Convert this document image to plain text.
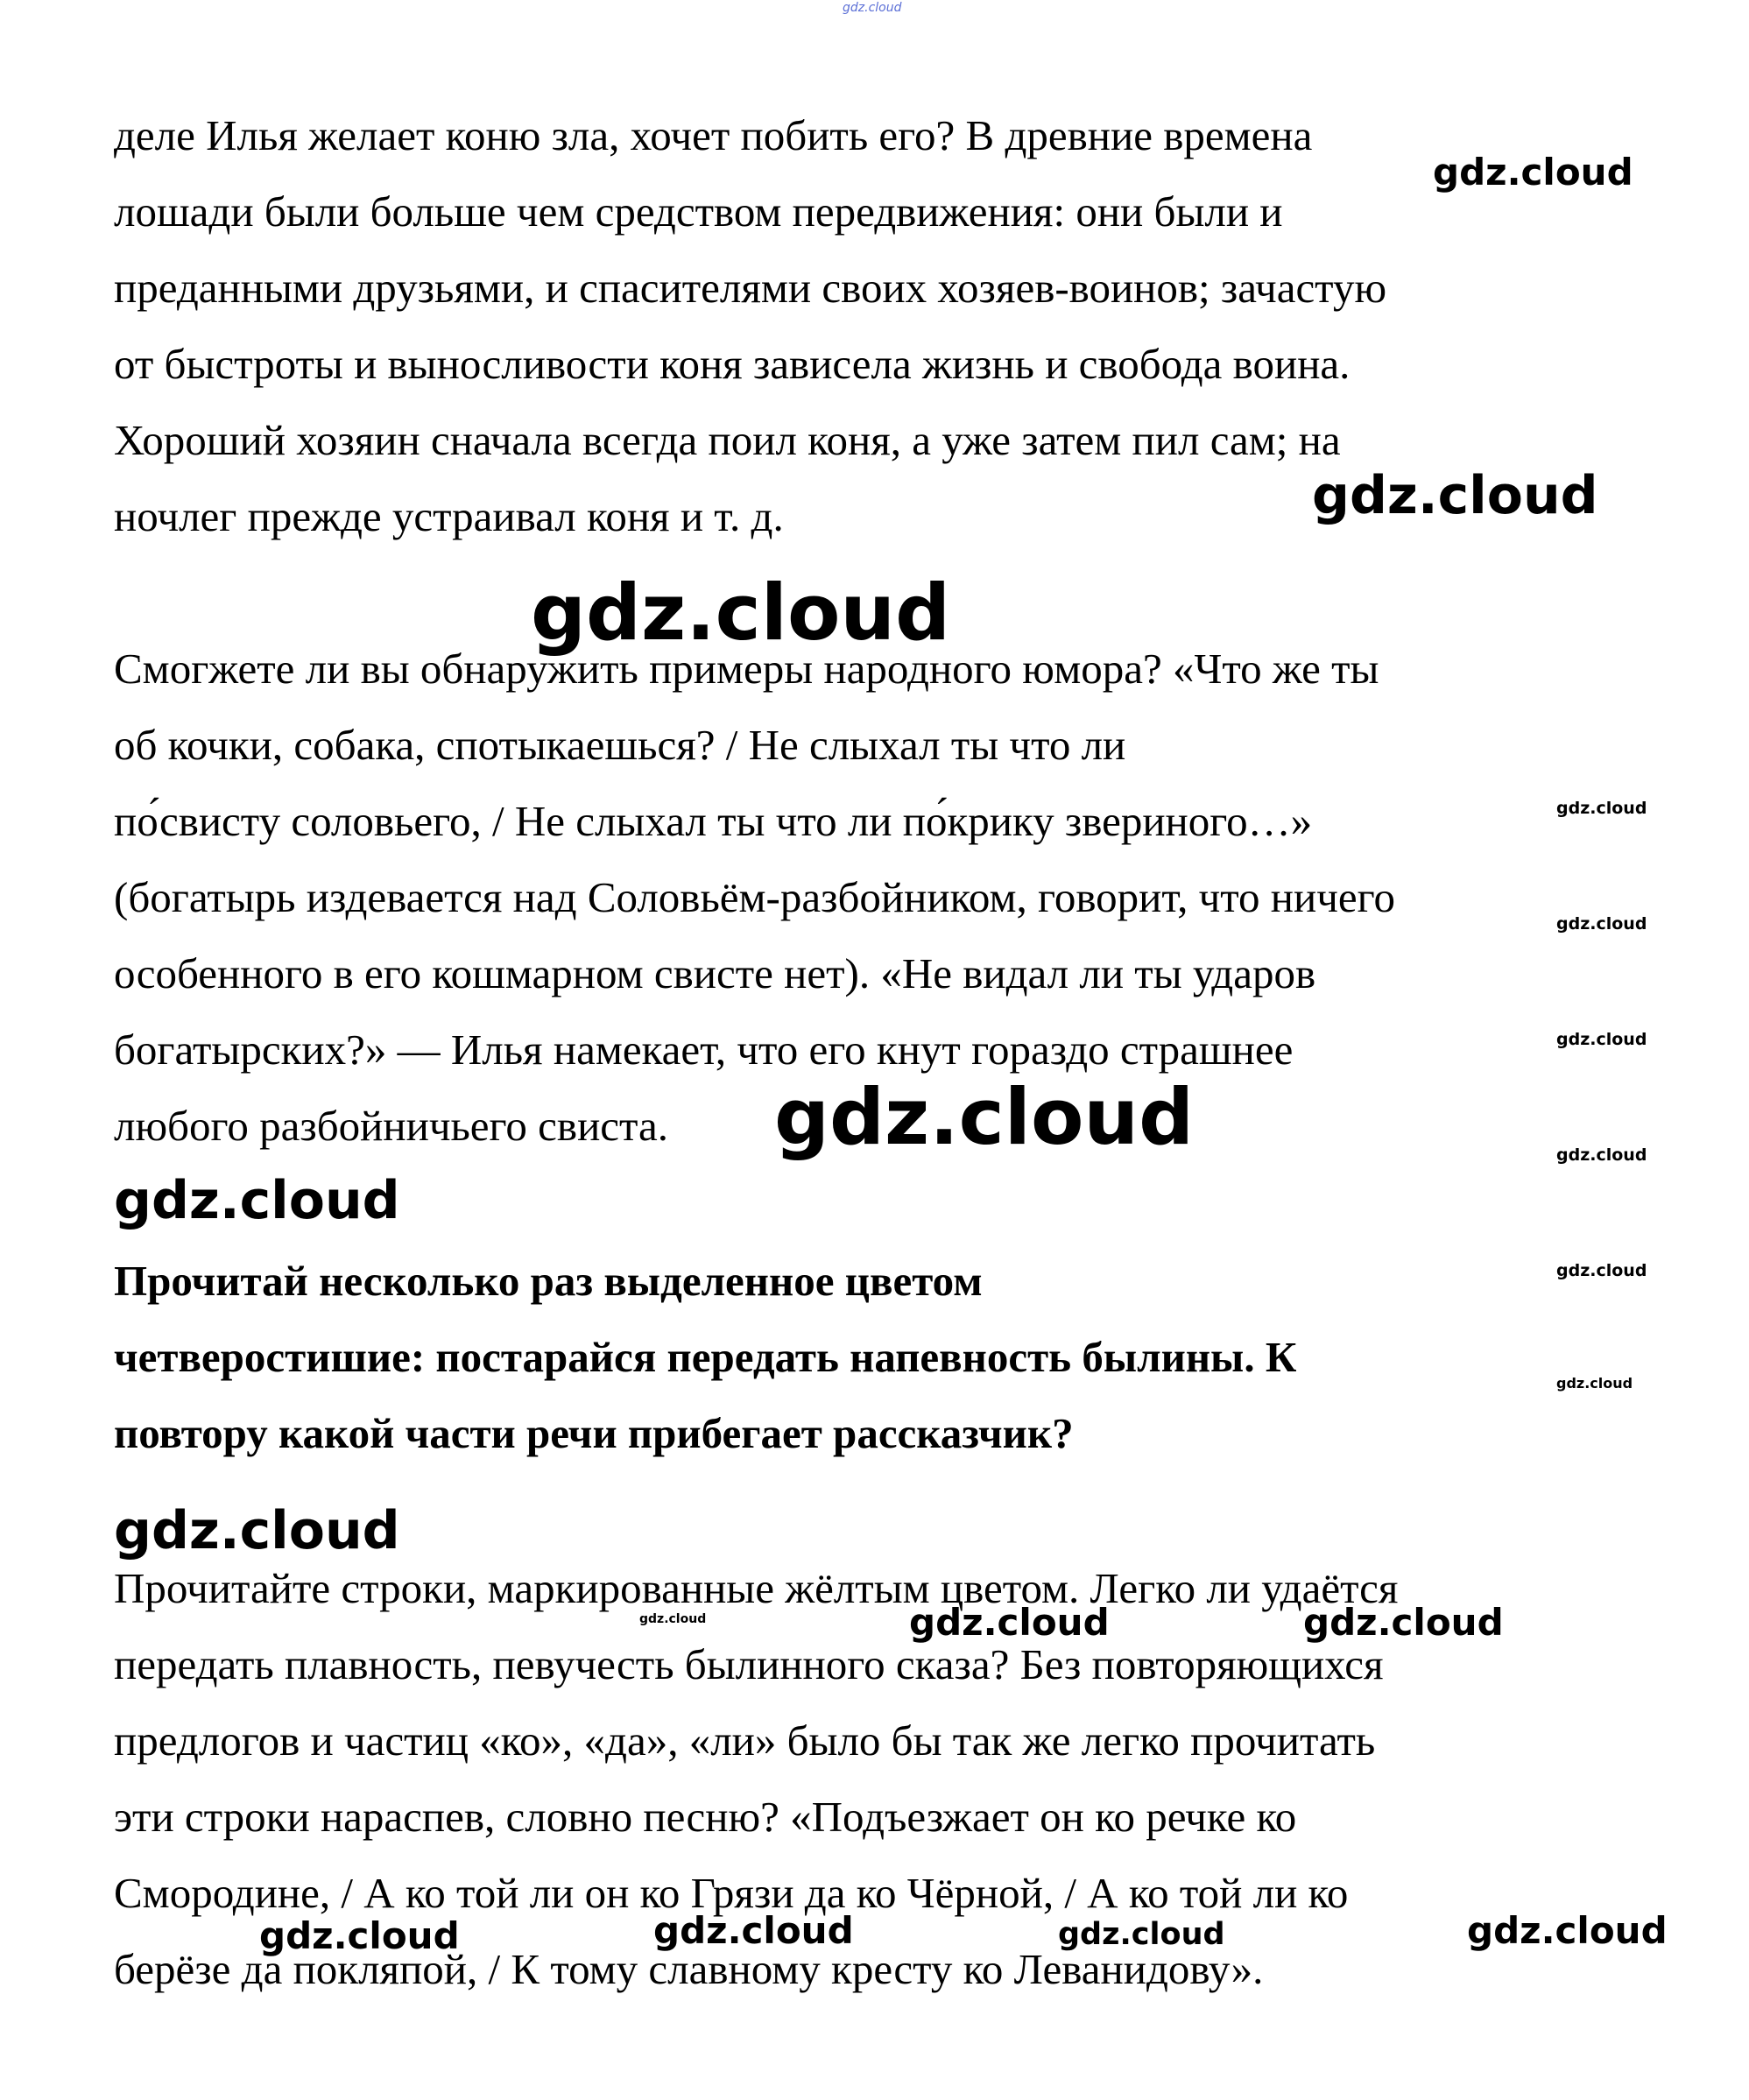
деле Илья желает коню зла, хочет побить его? В древние времена
лошади были больше чем средством передвижения: они были и
преданными друзьями, и спасителями своих хозяев-воинов; зачастую
от быстроты и выносливости коня зависела жизнь и свобода воина.
Хороший хозяин сначала всегда поил коня, а уже затем пил сам; на
ночлег прежде устраивал коня и т. д.
Смогжете ли вы обнаружить примеры народного юмора? «Что же ты
об кочки, собака, спотыкаешься? / Не слыхал ты что ли
по́свисту соловьего, / Не слыхал ты что ли по́крику звериного…»
(богатырь издевается над Соловьём-разбойником, говорит, что ничего
особенного в его кошмарном свисте нет). «Не видал ли ты ударов
богатырских?» — Илья намекает, что его кнут гораздо страшнее
любого разбойничьего свиста.
Прочитай несколько раз выделенное цветом
четверостишие: постарайся передать напевность былины. К
повтору какой части речи прибегает рассказчик?
Прочитайте строки, маркированные жёлтым цветом. Легко ли удаётся
передать плавность, певучесть былинного сказа? Без повторяющихся
предлогов и частиц «ко», «да», «ли» было бы так же легко прочитать
эти строки нараспев, словно песню? «Подъезжает он ко речке ко
Смородине, / А ко той ли он ко Грязи да ко Чёрной, / А ко той ли ко
берёзе да покляпой, / К тому славному кресту ко Леванидову».
gdz.cloud
gdz.cloud
gdz.cloud
gdz.cloud
gdz.cloud
gdz.cloud
gdz.cloud
gdz.cloud	gdz.cloud
gdz.cloud
gdz.cloud
gdz.cloud
gdz.cloud
gdz.cloud	gdz.cloud	gdz.cloud
gdz.cloud	gdz.cloud	gdz.cloud	gdz.cloud
